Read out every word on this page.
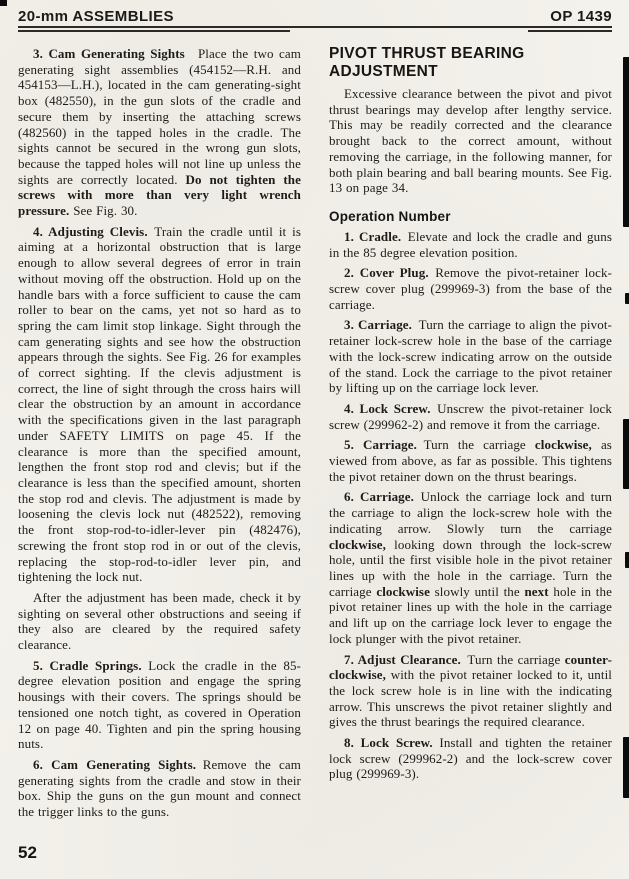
20-mm ASSEMBLIES	OP 1439

3. Cam Generating Sights Place the two cam generating sight assemblies (454152—R.H. and 454153—L.H.), located in the cam generating-sight box (482550), in the gun slots of the cradle and secure them by inserting the attaching screws (482560) in the tapped holes in the cradle. The sights cannot be secured in the wrong gun slots, because the tapped holes will not line up unless the sights are correctly located. Do not tighten the screws with more than very light wrench pressure. See Fig. 30.

4. Adjusting Clevis. Train the cradle until it is aiming at a horizontal obstruction that is large enough to allow several degrees of error in train without moving off the obstruction. Hold up on the handle bars with a force sufficient to cause the cam roller to bear on the cams, yet not so hard as to spring the cam limit stop linkage. Sight through the cam generating sights and see how the obstruction appears through the sights. See Fig. 26 for examples of correct sighting. If the clevis adjustment is correct, the line of sight through the cross hairs will clear the obstruction by an amount in accordance with the specifications given in the last paragraph under SAFETY LIMITS on page 45. If the clearance is more than the specified amount, lengthen the front stop rod and clevis; but if the clearance is less than the specified amount, shorten the stop rod and clevis. The adjustment is made by loosening the clevis lock nut (482522), removing the front stop-rod-to-idler-lever pin (482476), screwing the front stop rod in or out of the clevis, replacing the stop-rod-to-idler lever pin, and tightening the lock nut.

After the adjustment has been made, check it by sighting on several other obstructions and seeing if they also are cleared by the required safety clearance.

5. Cradle Springs. Lock the cradle in the 85-degree elevation position and engage the spring housings with their covers. The springs should be tensioned one notch tight, as covered in Operation 12 on page 40. Tighten and pin the spring housing nuts.

6. Cam Generating Sights. Remove the cam generating sights from the cradle and stow in their box. Ship the guns on the gun mount and connect the trigger links to the guns.

PIVOT THRUST BEARING ADJUSTMENT

Excessive clearance between the pivot and pivot thrust bearings may develop after lengthy service. This may be readily corrected and the clearance brought back to the correct amount, without removing the carriage, in the following manner, for both plain bearing and ball bearing mounts. See Fig. 13 on page 34.

Operation Number

1. Cradle. Elevate and lock the cradle and guns in the 85 degree elevation position.

2. Cover Plug. Remove the pivot-retainer lock-screw cover plug (299969-3) from the base of the carriage.

3. Carriage. Turn the carriage to align the pivot-retainer lock-screw hole in the base of the carriage with the lock-screw indicating arrow on the outside of the stand. Lock the carriage to the pivot retainer by lifting up on the carriage lock lever.

4. Lock Screw. Unscrew the pivot-retainer lock screw (299962-2) and remove it from the carriage.

5. Carriage. Turn the carriage clockwise, as viewed from above, as far as possible. This tightens the pivot retainer down on the thrust bearings.

6. Carriage. Unlock the carriage lock and turn the carriage to align the lock-screw hole with the indicating arrow. Slowly turn the carriage clockwise, looking down through the lock-screw hole, until the first visible hole in the pivot retainer lines up with the hole in the carriage. Turn the carriage clockwise slowly until the next hole in the pivot retainer lines up with the hole in the carriage and lift up on the carriage lock lever to engage the lock plunger with the pivot retainer.

7. Adjust Clearance. Turn the carriage counter-clockwise, with the pivot retainer locked to it, until the lock screw hole is in line with the indicating arrow. This unscrews the pivot retainer slightly and gives the thrust bearings the required clearance.

8. Lock Screw. Install and tighten the retainer lock screw (299962-2) and the lock-screw cover plug (299969-3).

52
